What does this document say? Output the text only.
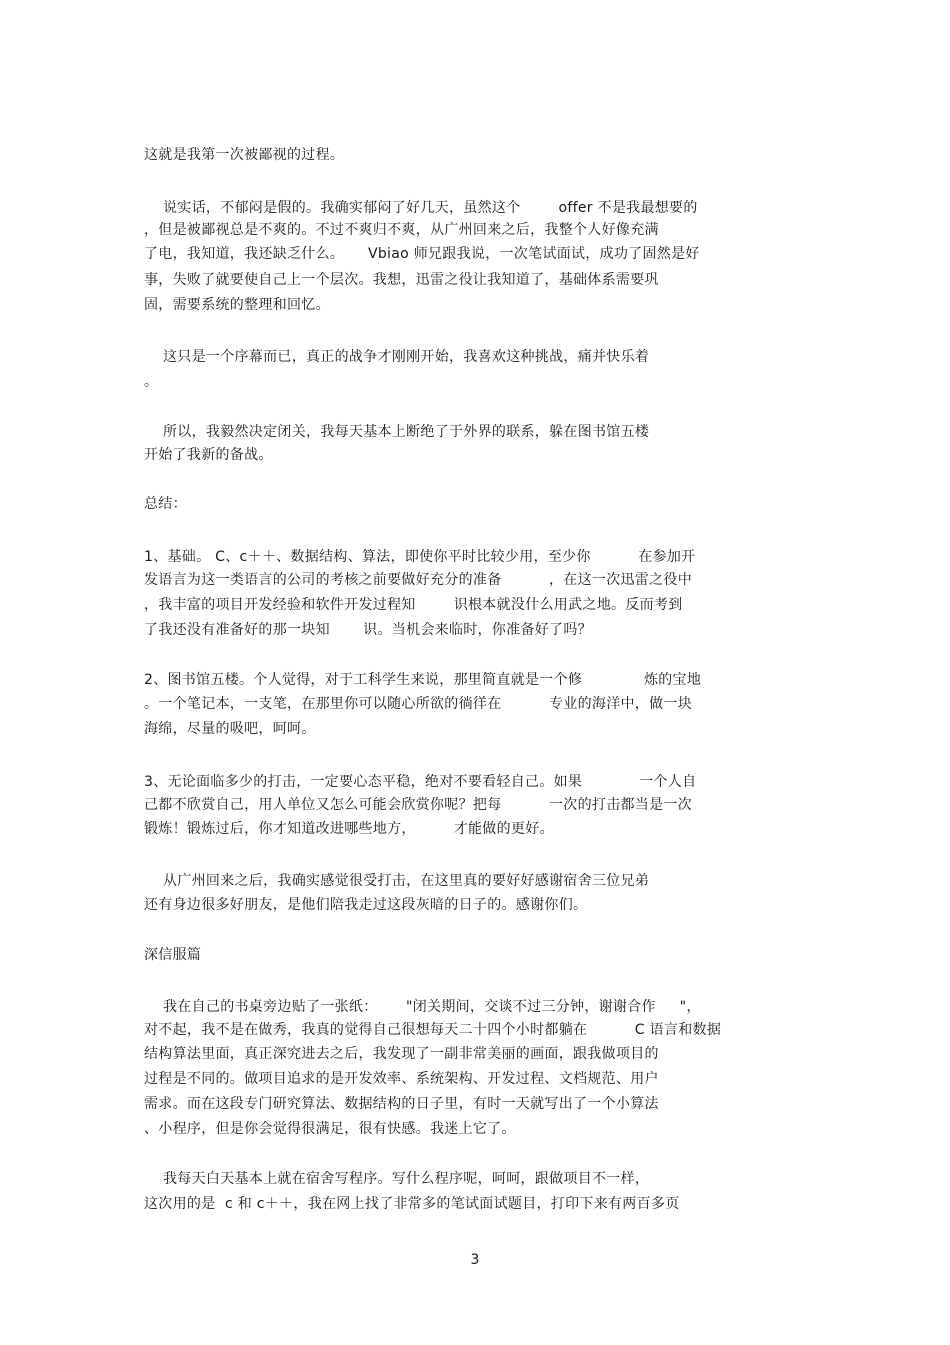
这就是我第一次被鄙视的过程。
说实话，不郁闷是假的。我确实郁闷了好几天，虽然这个        offer 不是我最想要的
，但是被鄙视总是不爽的。不过不爽归不爽，从广州回来之后，我整个人好像充满
了电，我知道，我还缺乏什么。     Vbiao 师兄跟我说，一次笔试面试，成功了固然是好
事，失败了就要使自己上一个层次。我想，迅雷之役让我知道了，基础体系需要巩
固，需要系统的整理和回忆。
这只是一个序幕而已，真正的战争才刚刚开始，我喜欢这种挑战，痛并快乐着
。
所以，我毅然决定闭关，我每天基本上断绝了于外界的联系，躲在图书馆五楼
开始了我新的备战。
总结：
1、基础。 C、c＋＋、数据结构、算法，即使你平时比较少用，至少你          在参加开
发语言为这一类语言的公司的考核之前要做好充分的准备          ，在这一次迅雷之役中
，我丰富的项目开发经验和软件开发过程知        识根本就没什么用武之地。反而考到
了我还没有准备好的那一块知       识。当机会来临时，你准备好了吗？
2、图书馆五楼。个人觉得，对于工科学生来说，那里简直就是一个修             炼的宝地
。一个笔记本，一支笔，在那里你可以随心所欲的徜徉在          专业的海洋中，做一块
海绵，尽量的吸吧，呵呵。
3、无论面临多少的打击，一定要心态平稳，绝对不要看轻自己。如果            一个人自
己都不欣赏自己，用人单位又怎么可能会欣赏你呢？把每          一次的打击都当是一次
锻炼！锻炼过后，你才知道改进哪些地方，        才能做的更好。
从广州回来之后，我确实感觉很受打击，在这里真的要好好感谢宿舍三位兄弟
还有身边很多好朋友，是他们陪我走过这段灰暗的日子的。感谢你们。
深信服篇
我在自己的书桌旁边贴了一张纸：      "闭关期间，交谈不过三分钟，谢谢合作     "，
对不起，我不是在做秀，我真的觉得自己很想每天二十四个小时都躺在          C 语言和数据
结构算法里面，真正深究进去之后，我发现了一副非常美丽的画面，跟我做项目的
过程是不同的。做项目追求的是开发效率、系统架构、开发过程、文档规范、用户
需求。而在这段专门研究算法、数据结构的日子里，有时一天就写出了一个小算法
、小程序，但是你会觉得很满足，很有快感。我迷上它了。
我每天白天基本上就在宿舍写程序。写什么程序呢，呵呵，跟做项目不一样，
这次用的是  c 和 c＋＋，我在网上找了非常多的笔试面试题目，打印下来有两百多页
3
